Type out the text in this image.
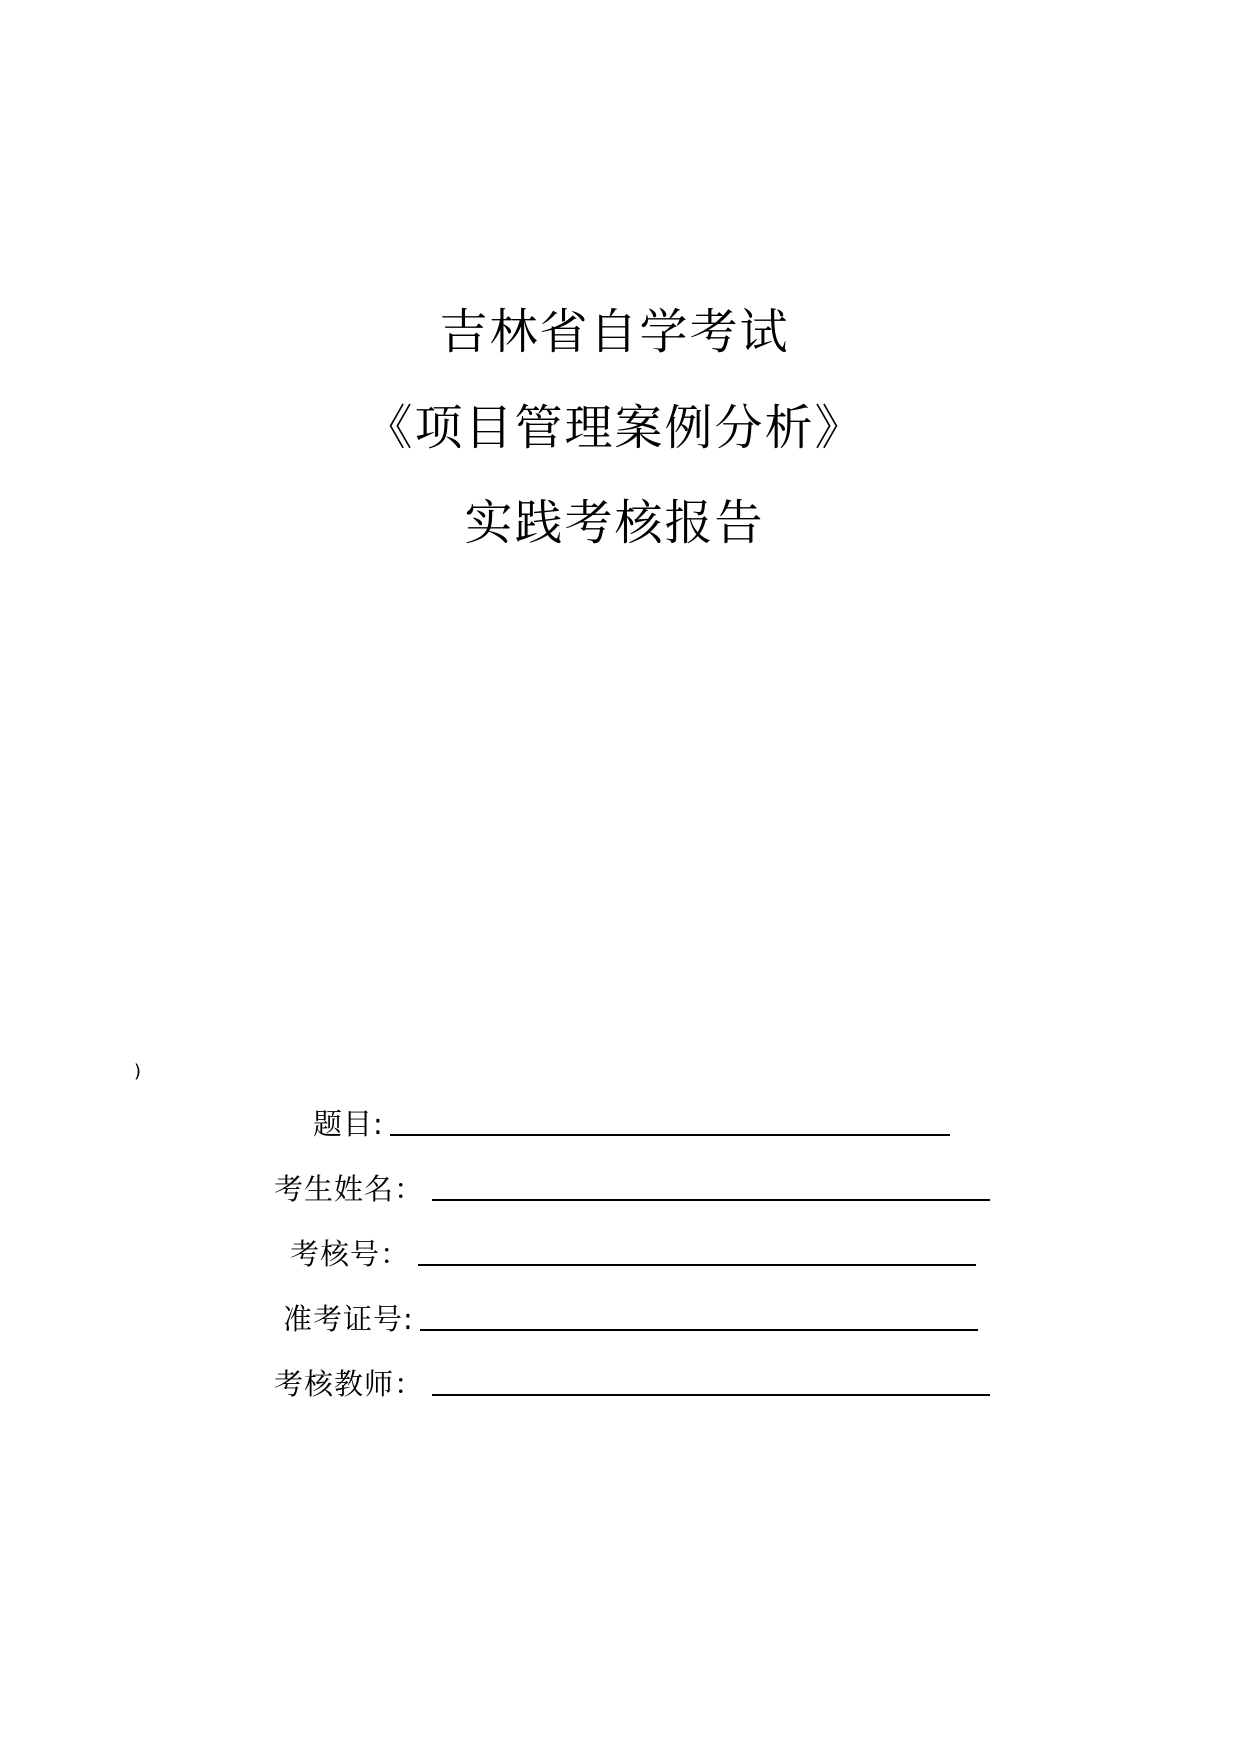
吉林省自学考试
《项目管理案例分析》
实践考核报告
)
题目:
考生姓名：
考核号：
准考证号:
考核教师：
